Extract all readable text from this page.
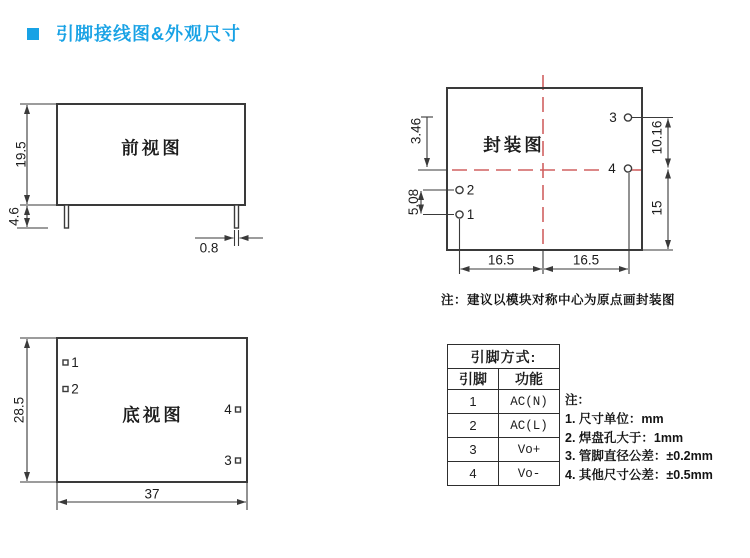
引脚接线图&外观尺寸
前视图
19.5
4.6
0.8
3
4
2
1
封装图
3.46
5.08
10.16
15
16.5	16.5
注：建议以模块对称中心为原点画封装图
1
2
4
3
底视图
28.5
37
引脚方式:	
引脚	功能
1	AC(N)
2	AC(L)
3	Vo+
4	Vo-
注：
1. 尺寸单位：mm
2. 焊盘孔大于：1mm
3. 管脚直径公差：±0.2mm
4. 其他尺寸公差：±0.5mm
